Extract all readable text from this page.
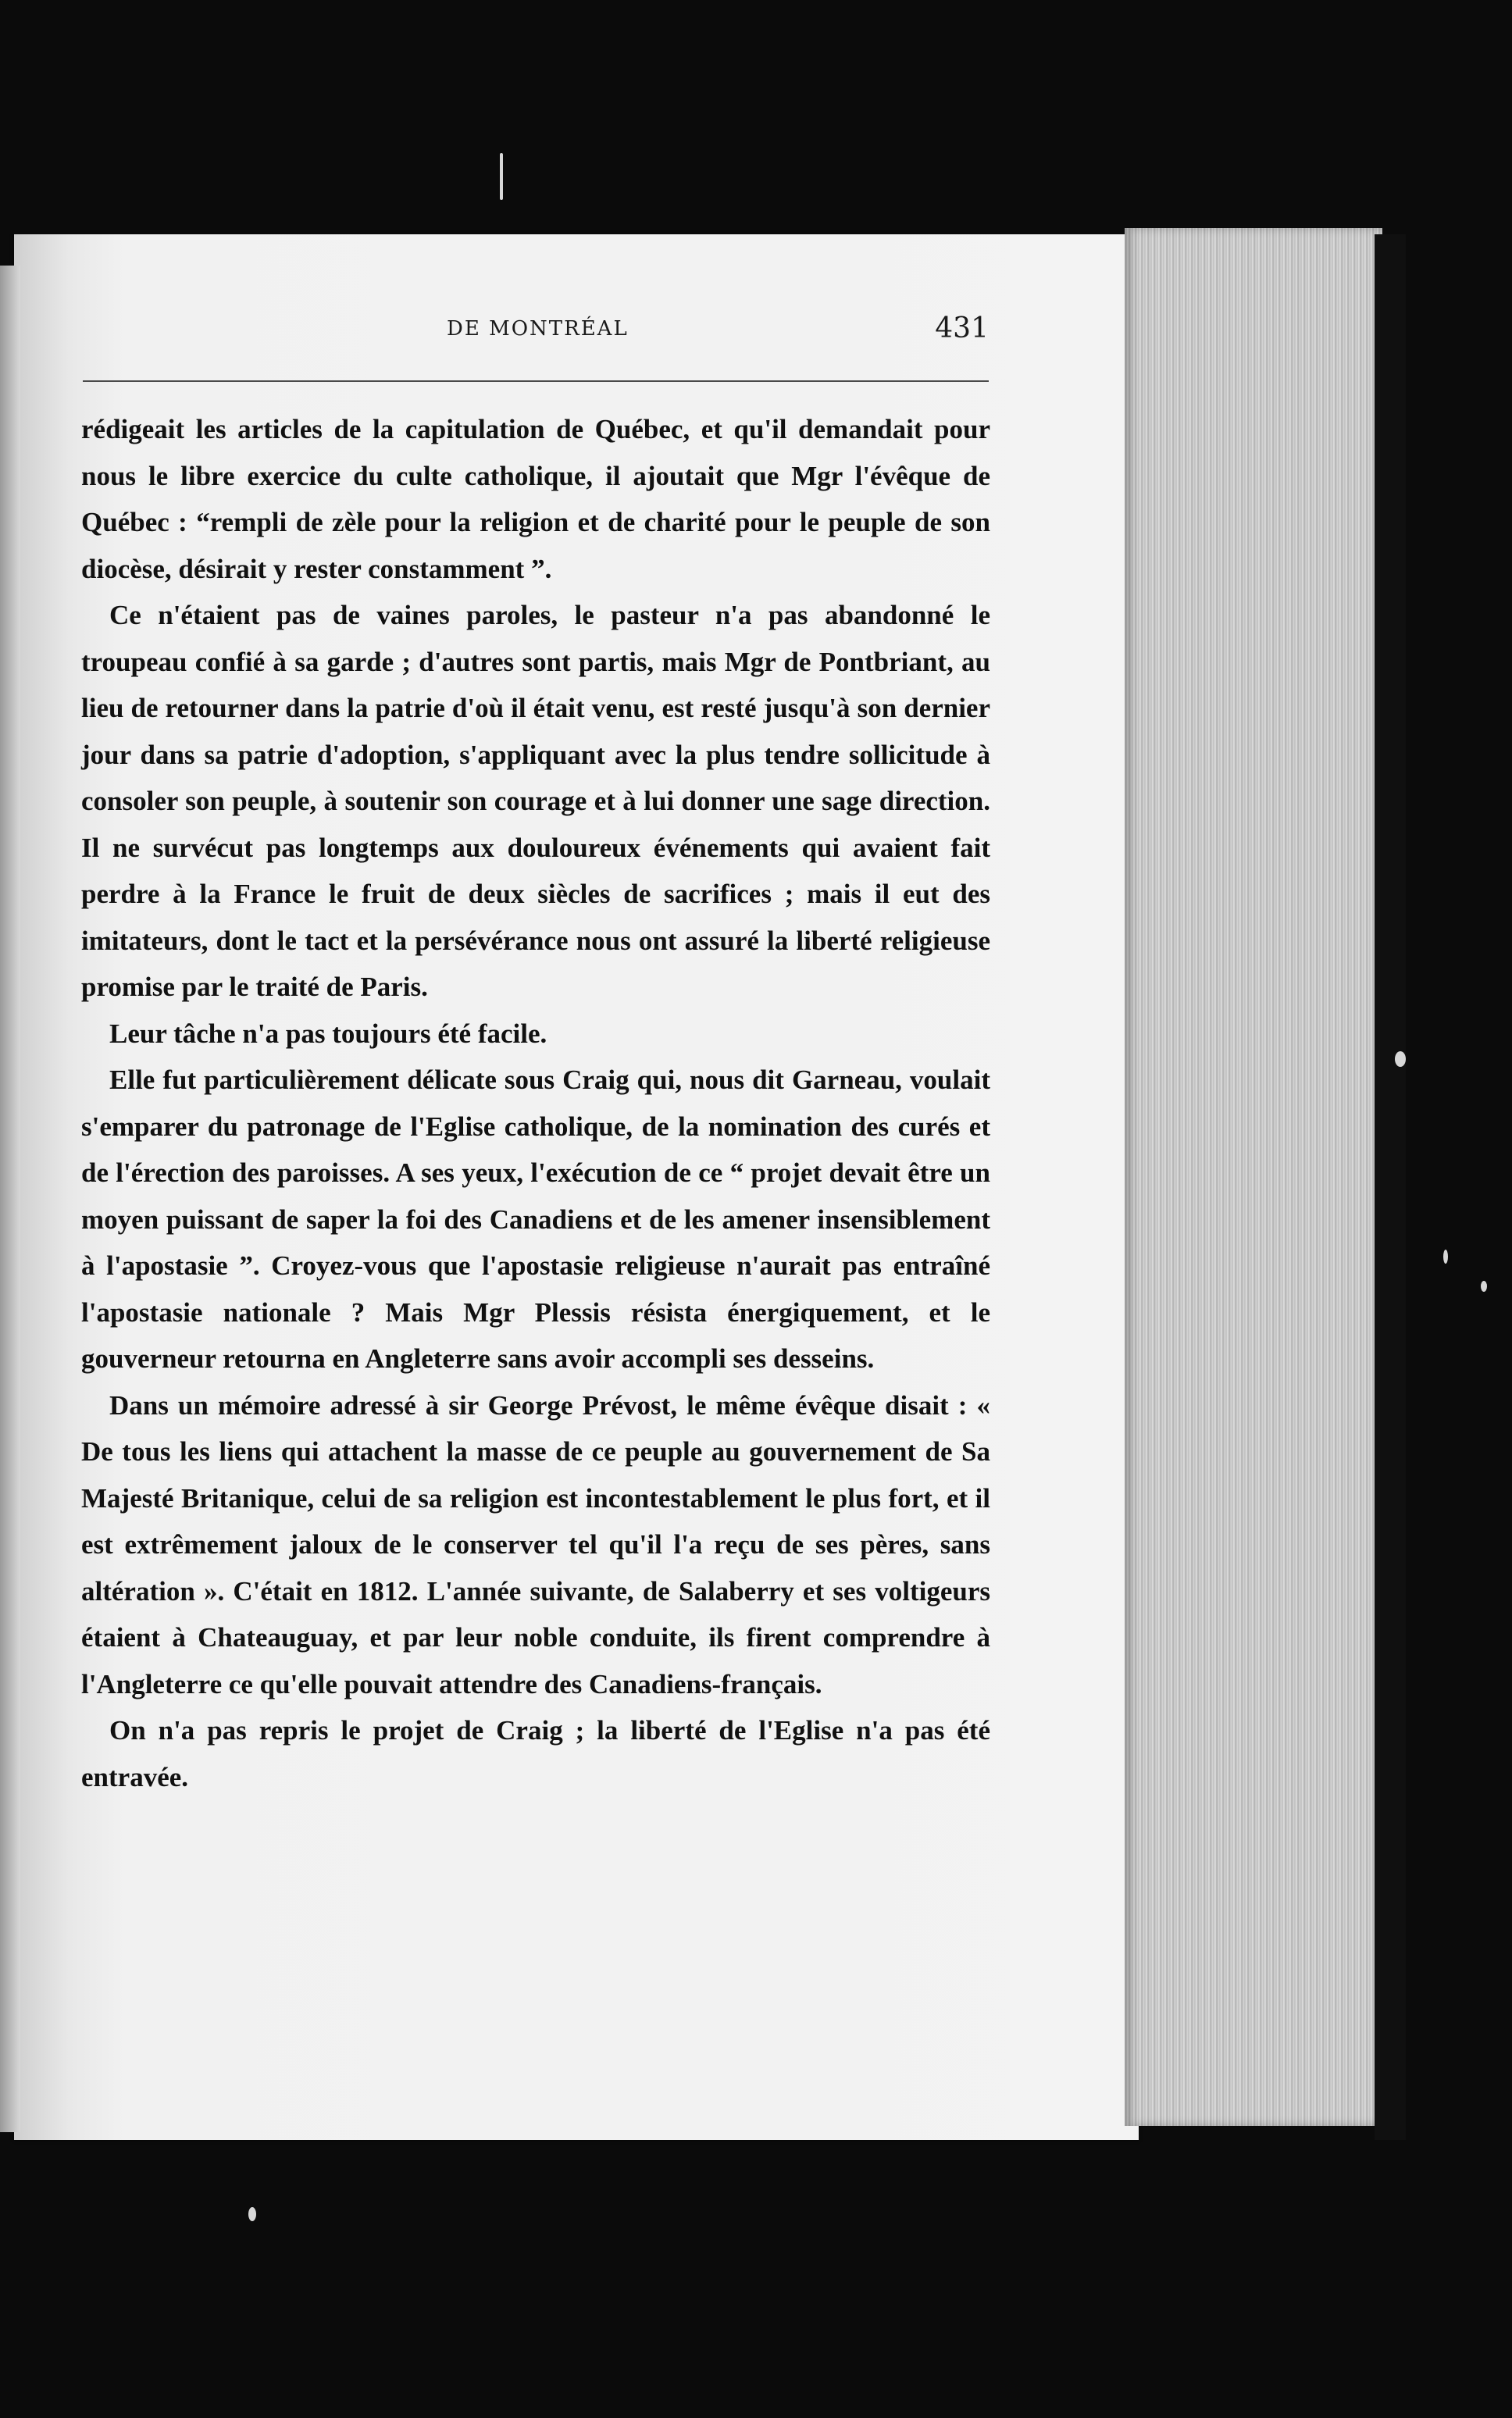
DE MONTRÉAL	431

rédigeait les articles de la capitulation de Québec, et qu'il demandait pour nous le libre exercice du culte catholique, il ajoutait que Mgr l'évêque de Québec : “rempli de zèle pour la religion et de charité pour le peuple de son diocèse, désirait y rester constamment ”.

Ce n'étaient pas de vaines paroles, le pasteur n'a pas abandonné le troupeau confié à sa garde ; d'autres sont partis, mais Mgr de Pontbriant, au lieu de retourner dans la patrie d'où il était venu, est resté jusqu'à son dernier jour dans sa patrie d'adoption, s'appliquant avec la plus tendre sollicitude à consoler son peuple, à soutenir son courage et à lui donner une sage direction. Il ne survécut pas longtemps aux douloureux événements qui avaient fait perdre à la France le fruit de deux siècles de sacrifices ; mais il eut des imitateurs, dont le tact et la persévérance nous ont assuré la liberté religieuse promise par le traité de Paris.

Leur tâche n'a pas toujours été facile.

Elle fut particulièrement délicate sous Craig qui, nous dit Garneau, voulait s'emparer du patronage de l'Eglise catholique, de la nomination des curés et de l'érection des paroisses. A ses yeux, l'exécution de ce “ projet devait être un moyen puissant de saper la foi des Canadiens et de les amener insensiblement à l'apostasie ”. Croyez-vous que l'apostasie religieuse n'aurait pas entraîné l'apostasie nationale ? Mais Mgr Plessis résista énergiquement, et le gouverneur retourna en Angleterre sans avoir accompli ses desseins.

Dans un mémoire adressé à sir George Prévost, le même évêque disait : « De tous les liens qui attachent la masse de ce peuple au gouvernement de Sa Majesté Britanique, celui de sa religion est incontestablement le plus fort, et il est extrêmement jaloux de le conserver tel qu'il l'a reçu de ses pères, sans altération ». C'était en 1812. L'année suivante, de Salaberry et ses voltigeurs étaient à Chateauguay, et par leur noble conduite, ils firent comprendre à l'Angleterre ce qu'elle pouvait attendre des Canadiens-français.

On n'a pas repris le projet de Craig ; la liberté de l'Eglise n'a pas été entravée.
